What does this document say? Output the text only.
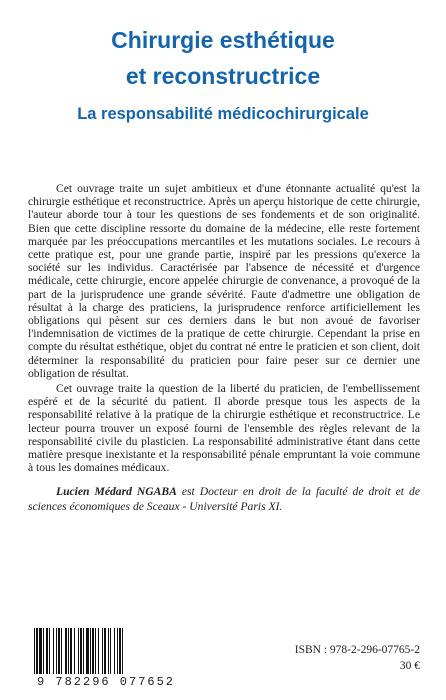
Chirurgie esthétique
et reconstructrice
La responsabilité médicochirurgicale

Cet ouvrage traite un sujet ambitieux et d'une étonnante actualité qu'est la chirurgie esthétique et reconstructrice. Après un aperçu historique de cette chirurgie, l'auteur aborde tour à tour les questions de ses fondements et de son originalité. Bien que cette discipline ressorte du domaine de la médecine, elle reste fortement marquée par les préoccupations mercantiles et les mutations sociales. Le recours à cette pratique est, pour une grande partie, inspiré par les pressions qu'exerce la société sur les individus. Caractérisée par l'absence de nécessité et d'urgence médicale, cette chirurgie, encore appelée chirurgie de convenance, a provoqué de la part de la jurisprudence une grande sévérité. Faute d'admettre une obligation de résultat à la charge des praticiens, la jurisprudence renforce artificiellement les obligations qui pèsent sur ces derniers dans le but non avoué de favoriser l'indemnisation de victimes de la pratique de cette chirurgie. Cependant la prise en compte du résultat esthétique, objet du contrat né entre le praticien et son client, doit déterminer la responsabilité du praticien pour faire peser sur ce dernier une obligation de résultat.

Cet ouvrage traite la question de la liberté du praticien, de l'embellissement espéré et de la sécurité du patient. Il aborde presque tous les aspects de la responsabilité relative à la pratique de la chirurgie esthétique et reconstructrice. Le lecteur pourra trouver un exposé fourni de l'ensemble des règles relevant de la responsabilité civile du plasticien. La responsabilité administrative étant dans cette matière presque inexistante et la responsabilité pénale empruntant la voie commune à tous les domaines médicaux.

Lucien Médard NGABA est Docteur en droit de la faculté de droit et de sciences économiques de Sceaux - Université Paris XI.
9 782296 077652
ISBN : 978-2-296-07765-2
30 €
